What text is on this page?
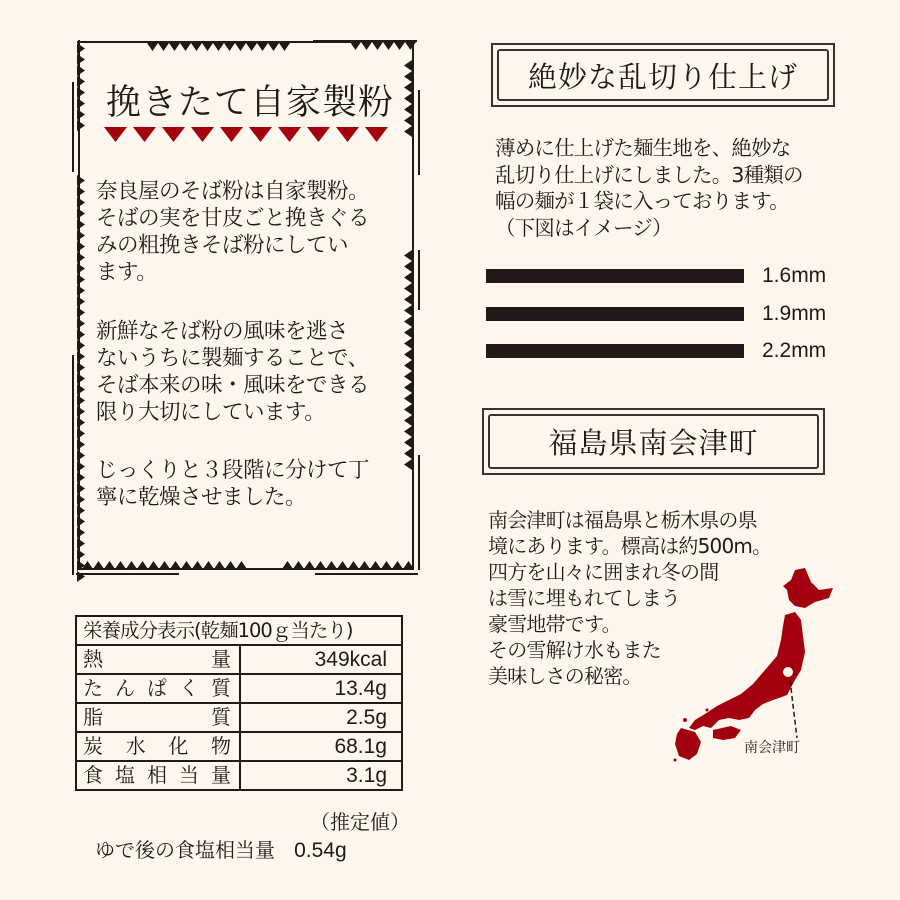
挽きたて自家製粉
奈良屋のそば粉は自家製粉。
そばの実を甘皮ごと挽きぐる
みの粗挽きそば粉にしてい
ます。
新鮮なそば粉の風味を逃さ
ないうちに製麺することで、
そば本来の味・風味をできる
限り大切にしています。
じっくりと３段階に分けて丁
寧に乾燥させました。
栄養成分表示(乾麺100ｇ当たり)	
熱量	349kcal
たんぱく質	13.4g
脂質	2.5g
炭水化物	68.1g
食塩相当量	3.1g
（推定値）
ゆで後の食塩相当量 0.54g
絶妙な乱切り仕上げ
薄めに仕上げた麺生地を、絶妙な
乱切り仕上げにしました。3種類の
幅の麺が１袋に入っております。
（下図はイメージ）
1.6mm
1.9mm
2.2mm
福島県南会津町
南会津町は福島県と栃木県の県
境にあります。標高は約500m。
四方を山々に囲まれ冬の間
は雪に埋もれてしまう
豪雪地帯です。
その雪解け水もまた
美味しさの秘密。
南会津町
